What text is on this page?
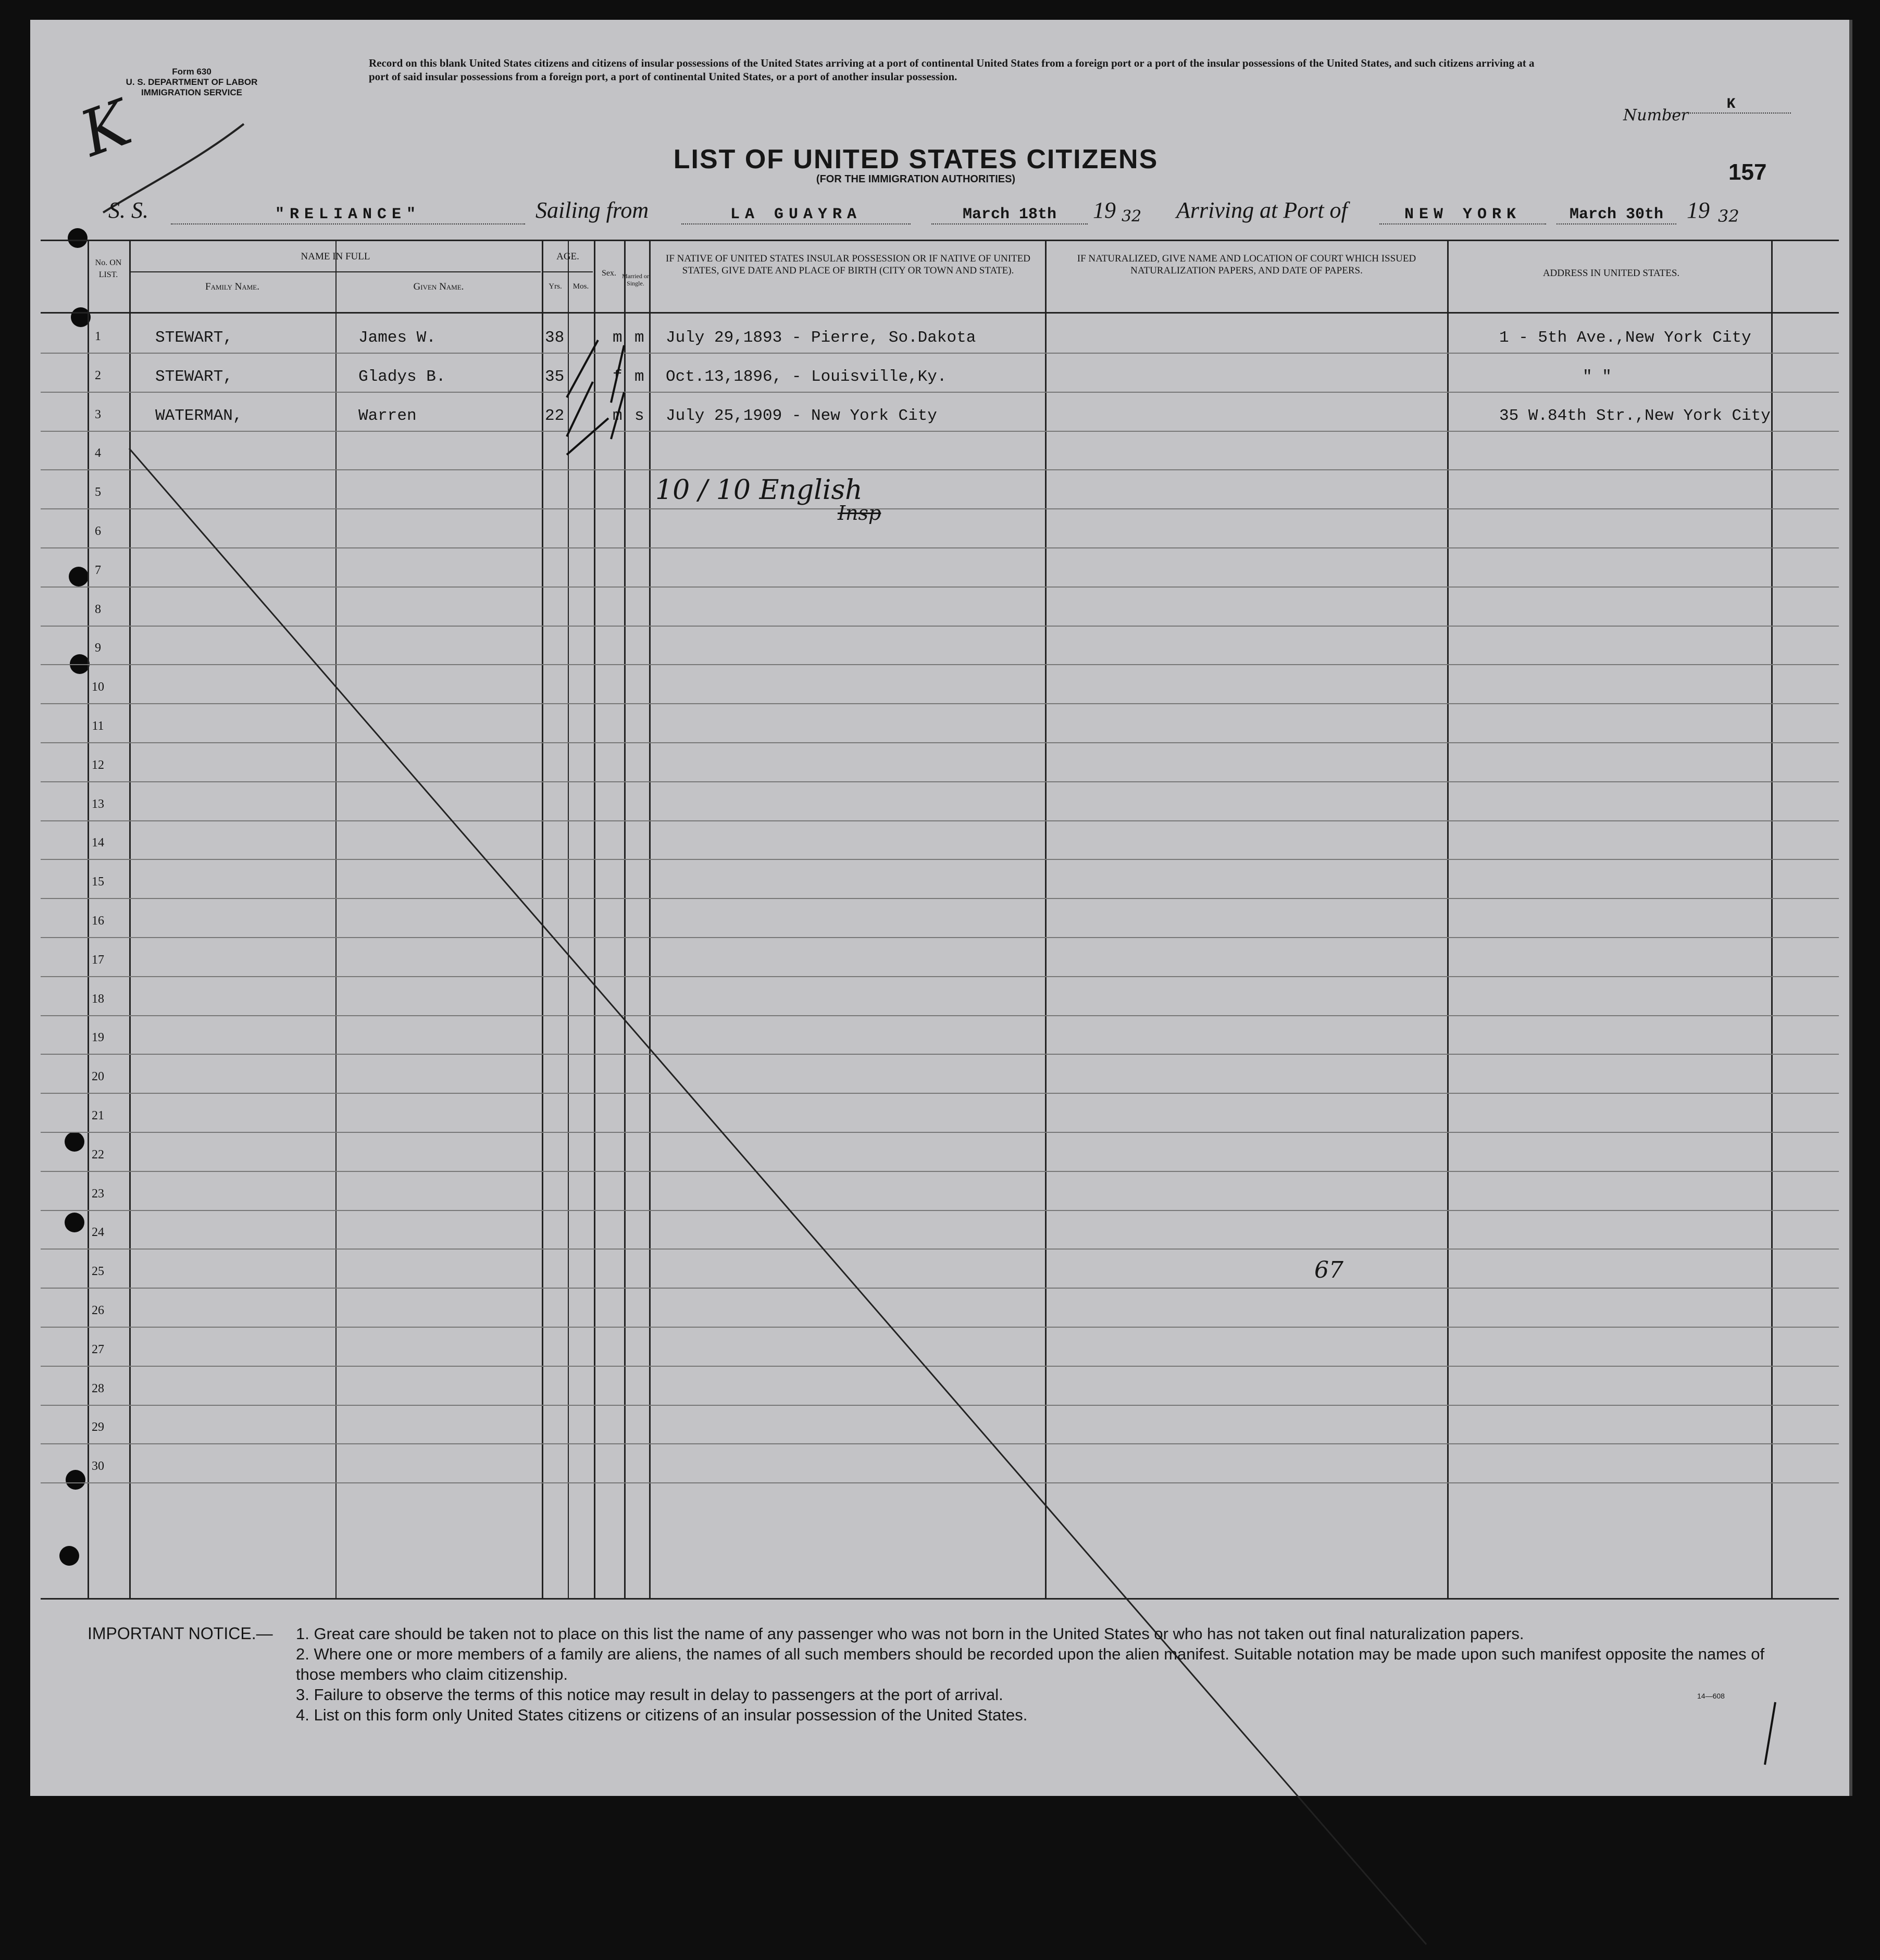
Form 630
U. S. DEPARTMENT OF LABOR
IMMIGRATION SERVICE
K
Record on this blank United States citizens and citizens of insular possessions of the United States arriving at a port of continental United States from a foreign port or a port of the insular possessions of the United States, and such citizens arriving at a port of said insular possessions from a foreign port, a port of continental United States, or a port of another insular possession.
Number
K
LIST OF UNITED STATES CITIZENS
(FOR THE IMMIGRATION AUTHORITIES)	157
S. S.	"RELIANCE"	Sailing from	LA GUAYRA	March 18th	19 32 Arriving at Port of	NEW YORK	March 30th	19 32
No. ON LIST.
NAME IN FULL
Family Name.	Given Name.
AGE.
Yrs.	Mos.
Sex. Married or Single.
IF NATIVE OF UNITED STATES INSULAR POSSESSION OR IF NATIVE OF UNITED STATES, GIVE DATE AND PLACE OF BIRTH (CITY OR TOWN AND STATE).
IF NATURALIZED, GIVE NAME AND LOCATION OF COURT WHICH ISSUED NATURALIZATION PAPERS, AND DATE OF PAPERS.	ADDRESS IN UNITED STATES.
1	STEWART,	James W.	38	m m July 29,1893 - Pierre, So.Dakota	1 - 5th Ave.,New York City
2	STEWART,	Gladys B.	35	f m Oct.13,1896, - Louisville,Ky.	" "
3	WATERMAN,	Warren	22	m s July 25,1909 - New York City	35 W.84th Str.,New York City
4
5
6
7
8
9
10
11
12
13
14
15
16
17
18
19
20
21
22
23
24
25
26
27
28
29
30
10 / 10 English
Insp
67
IMPORTANT NOTICE.— 1. Great care should be taken not to place on this list the name of any passenger who was not born in the United States or who has not taken out final naturalization papers.
2. Where one or more members of a family are aliens, the names of all such members should be recorded upon the alien manifest. Suitable notation may be made upon such manifest opposite the names of those members who claim citizenship.
3. Failure to observe the terms of this notice may result in delay to passengers at the port of arrival.
4. List on this form only United States citizens or citizens of an insular possession of the United States.
14—608
